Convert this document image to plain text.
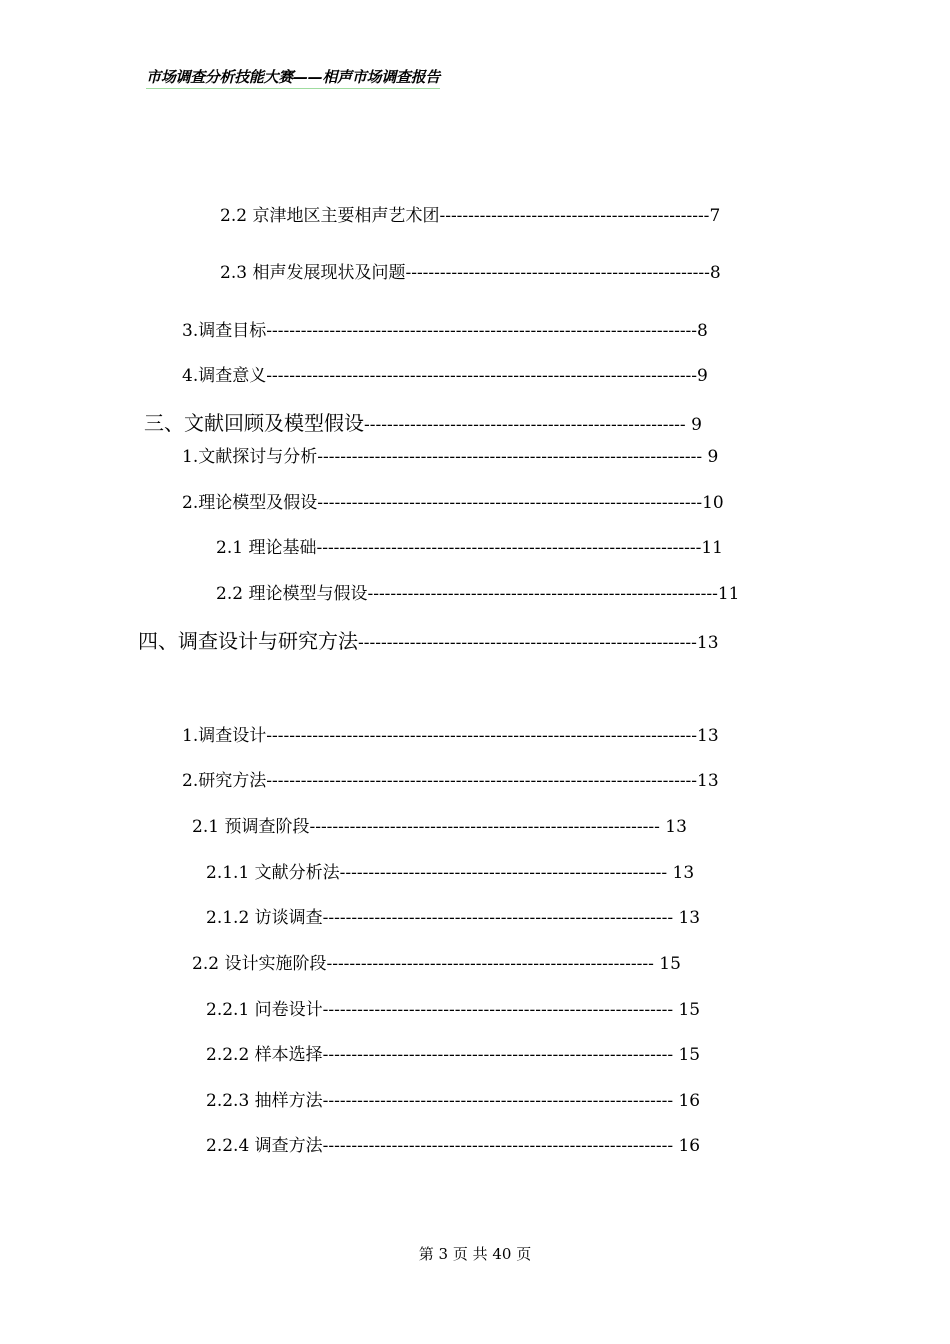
市场调查分析技能大赛——相声市场调查报告
2.2 京津地区主要相声艺术团-----------------------------------------------7
2.3 相声发展现状及问题-----------------------------------------------------8
3.调查目标---------------------------------------------------------------------------8
4.调查意义---------------------------------------------------------------------------9
三、文献回顾及模型假设-------------------------------------------------------- 9
1.文献探讨与分析------------------------------------------------------------------- 9
2.理论模型及假设-------------------------------------------------------------------10
2.1 理论基础-------------------------------------------------------------------11
2.2 理论模型与假设-------------------------------------------------------------11
四、调查设计与研究方法-----------------------------------------------------------13
1.调查设计---------------------------------------------------------------------------13
2.研究方法---------------------------------------------------------------------------13
2.1 预调查阶段------------------------------------------------------------- 13
2.1.1 文献分析法--------------------------------------------------------- 13
2.1.2 访谈调查------------------------------------------------------------- 13
2.2 设计实施阶段--------------------------------------------------------- 15
2.2.1 问卷设计------------------------------------------------------------- 15
2.2.2 样本选择------------------------------------------------------------- 15
2.2.3 抽样方法------------------------------------------------------------- 16
2.2.4 调查方法------------------------------------------------------------- 16
第 3 页 共 40 页
